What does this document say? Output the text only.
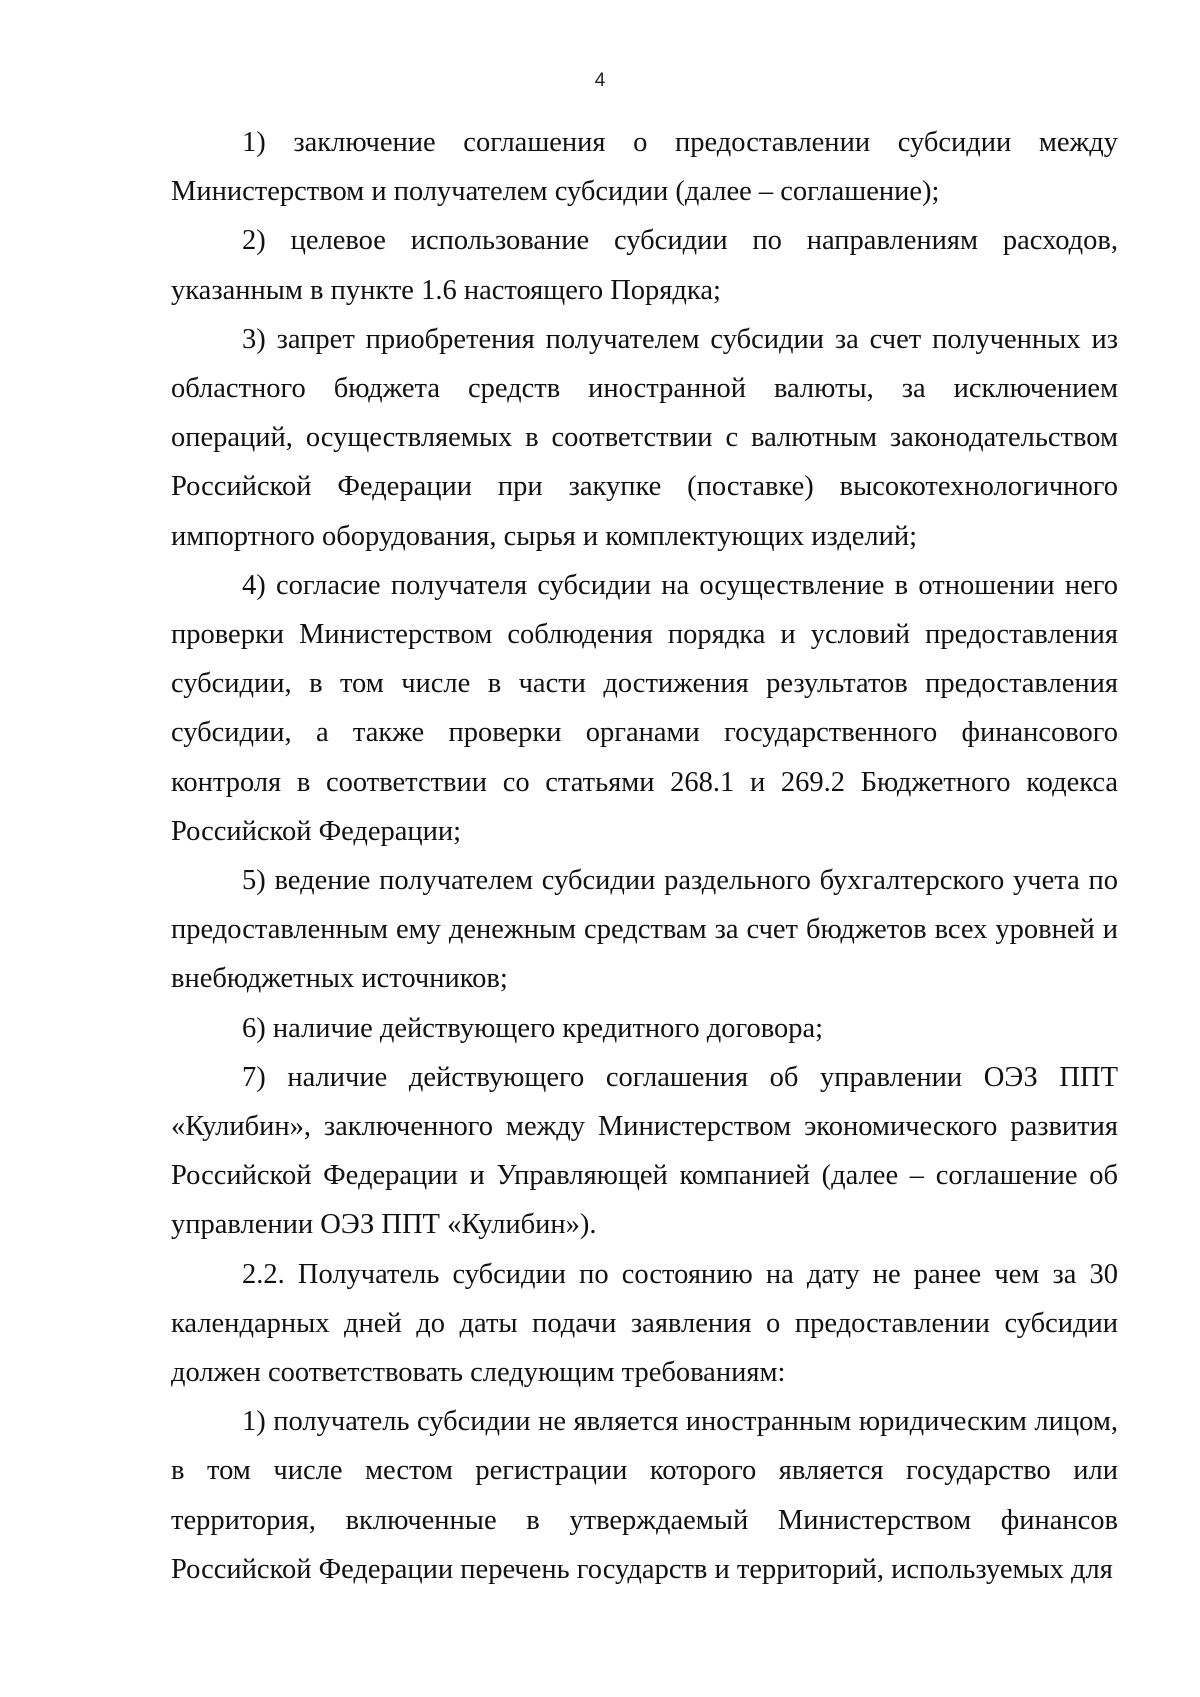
4

1) заключение соглашения о предоставлении субсидии между Министерством и получателем субсидии (далее – соглашение);

2) целевое использование субсидии по направлениям расходов, указанным в пункте 1.6 настоящего Порядка;

3) запрет приобретения получателем субсидии за счет полученных из областного бюджета средств иностранной валюты, за исключением операций, осуществляемых в соответствии с валютным законодательством Российской Федерации при закупке (поставке) высокотехнологичного импортного оборудования, сырья и комплектующих изделий;

4) согласие получателя субсидии на осуществление в отношении него проверки Министерством соблюдения порядка и условий предоставления субсидии, в том числе в части достижения результатов предоставления субсидии, а также проверки органами государственного финансового контроля в соответствии со статьями 268.1 и 269.2 Бюджетного кодекса Российской Федерации;

5) ведение получателем субсидии раздельного бухгалтерского учета по предоставленным ему денежным средствам за счет бюджетов всех уровней и внебюджетных источников;

6) наличие действующего кредитного договора;

7) наличие действующего соглашения об управлении ОЭЗ ППТ «Кулибин», заключенного между Министерством экономического развития Российской Федерации и Управляющей компанией (далее – соглашение об управлении ОЭЗ ППТ «Кулибин»).

2.2. Получатель субсидии по состоянию на дату не ранее чем за 30 календарных дней до даты подачи заявления о предоставлении субсидии должен соответствовать следующим требованиям:

1) получатель субсидии не является иностранным юридическим лицом, в том числе местом регистрации которого является государство или территория, включенные в утверждаемый Министерством финансов Российской Федерации перечень государств и территорий, используемых для
